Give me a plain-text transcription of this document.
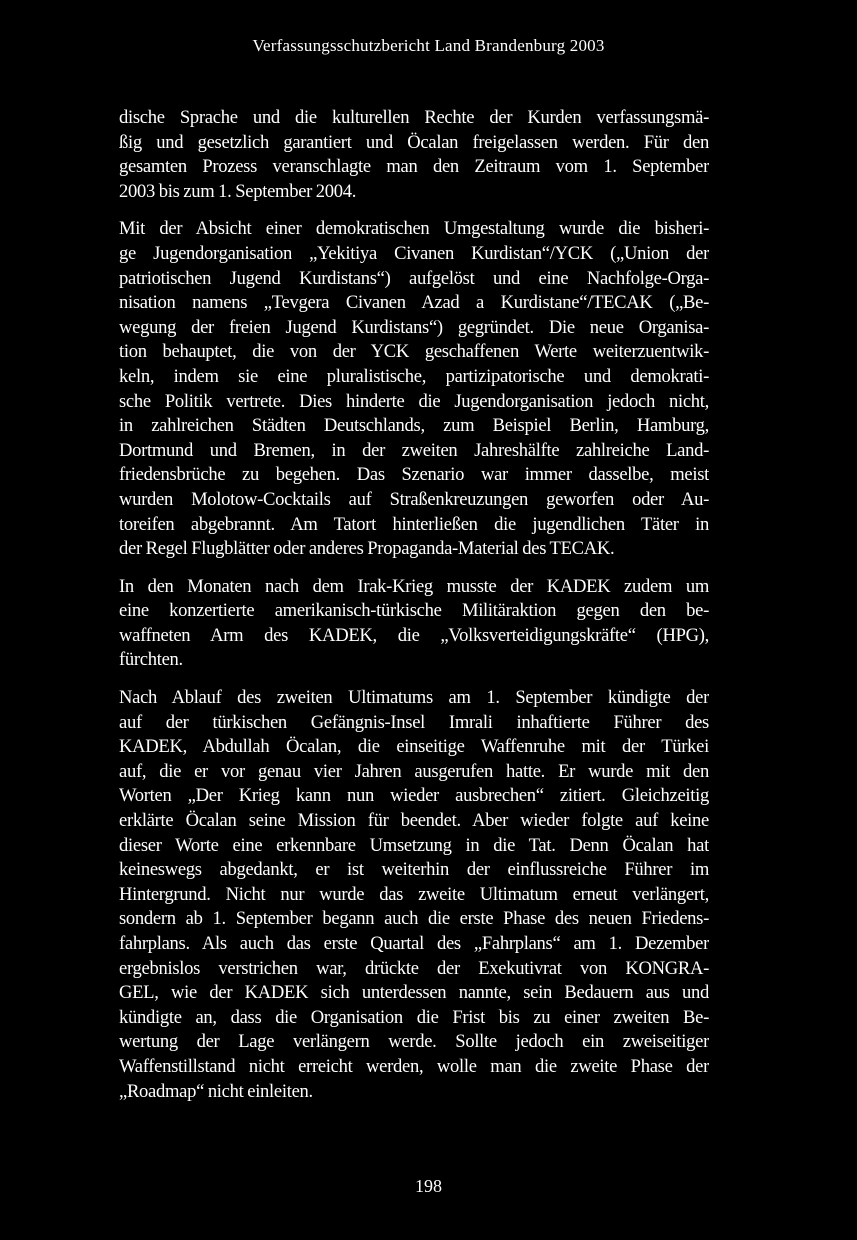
Verfassungsschutzbericht Land Brandenburg 2003

dische Sprache und die kulturellen Rechte der Kurden verfassungsmä-
ßig und gesetzlich garantiert und Öcalan freigelassen werden. Für den
gesamten Prozess veranschlagte man den Zeitraum vom 1. September
2003 bis zum 1. September 2004.

Mit der Absicht einer demokratischen Umgestaltung wurde die bisheri-
ge Jugendorganisation „Yekitiya Civanen Kurdistan“/YCK („Union der
patriotischen Jugend Kurdistans“) aufgelöst und eine Nachfolge-Orga-
nisation namens „Tevgera Civanen Azad a Kurdistane“/TECAK („Be-
wegung der freien Jugend Kurdistans“) gegründet. Die neue Organisa-
tion behauptet, die von der YCK geschaffenen Werte weiterzuentwik-
keln, indem sie eine pluralistische, partizipatorische und demokrati-
sche Politik vertrete. Dies hinderte die Jugendorganisation jedoch nicht,
in zahlreichen Städten Deutschlands, zum Beispiel Berlin, Hamburg,
Dortmund und Bremen, in der zweiten Jahreshälfte zahlreiche Land-
friedensbrüche zu begehen. Das Szenario war immer dasselbe, meist
wurden Molotow-Cocktails auf Straßenkreuzungen geworfen oder Au-
toreifen abgebrannt. Am Tatort hinterließen die jugendlichen Täter in
der Regel Flugblätter oder anderes Propaganda-Material des TECAK.

In den Monaten nach dem Irak-Krieg musste der KADEK zudem um
eine konzertierte amerikanisch-türkische Militäraktion gegen den be-
waffneten Arm des KADEK, die „Volksverteidigungskräfte“ (HPG),
fürchten.

Nach Ablauf des zweiten Ultimatums am 1. September kündigte der
auf der türkischen Gefängnis-Insel Imrali inhaftierte Führer des
KADEK, Abdullah Öcalan, die einseitige Waffenruhe mit der Türkei
auf, die er vor genau vier Jahren ausgerufen hatte. Er wurde mit den
Worten „Der Krieg kann nun wieder ausbrechen“ zitiert. Gleichzeitig
erklärte Öcalan seine Mission für beendet. Aber wieder folgte auf keine
dieser Worte eine erkennbare Umsetzung in die Tat. Denn Öcalan hat
keineswegs abgedankt, er ist weiterhin der einflussreiche Führer im
Hintergrund. Nicht nur wurde das zweite Ultimatum erneut verlängert,
sondern ab 1. September begann auch die erste Phase des neuen Friedens-
fahrplans. Als auch das erste Quartal des „Fahrplans“ am 1. Dezember
ergebnislos verstrichen war, drückte der Exekutivrat von KONGRA-
GEL, wie der KADEK sich unterdessen nannte, sein Bedauern aus und
kündigte an, dass die Organisation die Frist bis zu einer zweiten Be-
wertung der Lage verlängern werde. Sollte jedoch ein zweiseitiger
Waffenstillstand nicht erreicht werden, wolle man die zweite Phase der
„Roadmap“ nicht einleiten.

198
